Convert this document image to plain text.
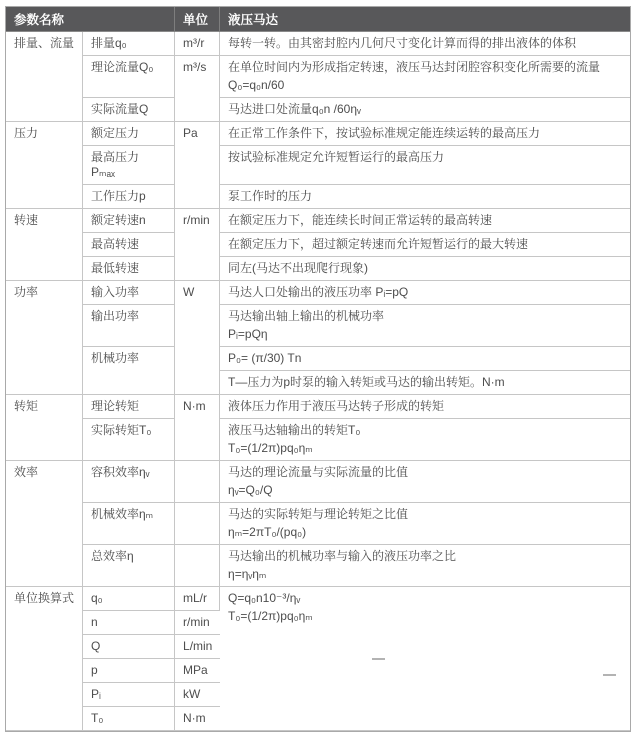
参数名称		单位	液压马达
排量、流量	排量q₀	m³/r	每转一转。由其密封腔内几何尺寸变化计算而得的排出液体的体积

	理论流量Q₀	m³/s	在单位时间内为形成指定转速，液压马达封闭腔容积变化所需要的流量
Q₀=q₀n/60

	实际流量Q		马达进口处流量q₀n /60ηᵥ

压力	额定压力	Pa	在正常工作条件下，按试验标准规定能连续运转的最高压力

	最高压力 Pₘₐₓ		按试验标准规定允许短暂运行的最高压力

	工作压力p		泵工作时的压力

转速	额定转速n	r/min	在额定压力下，能连续长时间正常运转的最高转速

	最高转速		在额定压力下，超过额定转速而允许短暂运行的最大转速

	最低转速		同左(马达不出现爬行现象)

功率	输入功率	W	马达人口处输出的液压功率 Pᵢ=pQ

	输出功率		马达输出轴上输出的机械功率
Pᵢ=pQη

	机械功率		P₀= (π/30) Tn

			T—压力为p时泵的输入转矩或马达的输出转矩。N·m

转矩	理论转矩	N·m	液体压力作用于液压马达转子形成的转矩

	实际转矩T₀		液压马达轴输出的转矩T₀
T₀=(1/2π)pq₀ηₘ

效率	容积效率ηᵥ		马达的理论流量与实际流量的比值
ηᵥ=Q₀/Q

	机械效率ηₘ		马达的实际转矩与理论转矩之比值
ηₘ=2πT₀/(pq₀)

	总效率η		马达输出的机械功率与输入的液压功率之比
η=ηᵥηₘ

单位换算式	q₀	mL/r	Q=q₀n10⁻³/ηᵥ
T₀=(1/2π)pq₀ηₘ

	n	r/min	
	Q	L/min	
	p	MPa	
	Pᵢ	kW	
	T₀	N·m	
